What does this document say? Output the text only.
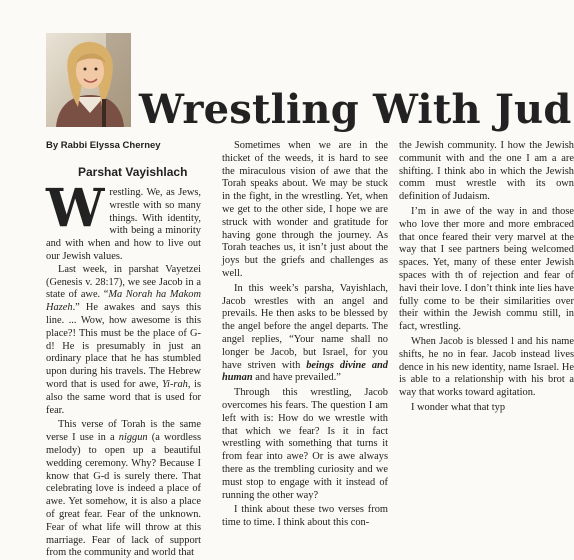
Wrestling With Jud
By Rabbi Elyssa Cherney
Parshat Vayishlach

Wrestling. We, as Jews, wrestle with so many things. With identity, with being a minority and with when and how to live out our Jewish values.

Last week, in parshat Vayetzei (Genesis v. 28:17), we see Jacob in a state of awe. “Ma Norah ha Makom Hazeh.” He awakes and says this line. ... Wow, how awesome is this place?! This must be the place of G-d! He is presumably in just an ordinary place that he has stumbled upon during his travels. The Hebrew word that is used for awe, Yi-rah, is also the same word that is used for fear.

This verse of Torah is the same verse I use in a niggun (a wordless melody) to open up a beautiful wedding ceremony. Why? Because I know that G-d is surely there. That celebrating love is indeed a place of awe. Yet somehow, it is also a place of great fear. Fear of the unknown. Fear of what life will throw at this marriage. Fear of lack of support from the community and world that

Sometimes when we are in the thicket of the weeds, it is hard to see the miraculous vision of awe that the Torah speaks about. We may be stuck in the fight, in the wrestling. Yet, when we get to the other side, I hope we are struck with wonder and gratitude for having gone through the journey. As Torah teaches us, it isn’t just about the joys but the griefs and challenges as well.

In this week’s parsha, Vayishlach, Jacob wrestles with an angel and prevails. He then asks to be blessed by the angel before the angel departs. The angel replies, “Your name shall no longer be Jacob, but Israel, for you have striven with beings divine and human and have prevailed.”

Through this wrestling, Jacob overcomes his fears. The question I am left with is: How do we wrestle with that which we fear? Is it in fact wrestling with something that turns it from fear into awe? Or is awe always there as the trembling curiosity and we must stop to engage with it instead of running the other way?

I think about these two verses from time to time. I think about this con-

the Jewish community. I how the Jewish communit with and the one I am a are shifting. I think abo in which the Jewish comm must wrestle with its own definition of Judaism.

I’m in awe of the way in and those who love ther more and more embraced that once feared their very marvel at the way that I see partners being welcomed spaces. Yet, many of these enter Jewish spaces with th of rejection and fear of havi their love. I don’t think inte lies have fully come to be their similarities over their within the Jewish commu still, in fact, wrestling.

When Jacob is blessed l and his name shifts, he no in fear. Jacob instead lives dence in his new identity, name Israel. He is able to a relationship with his brot a way that works toward agitation.

I wonder what that typ
